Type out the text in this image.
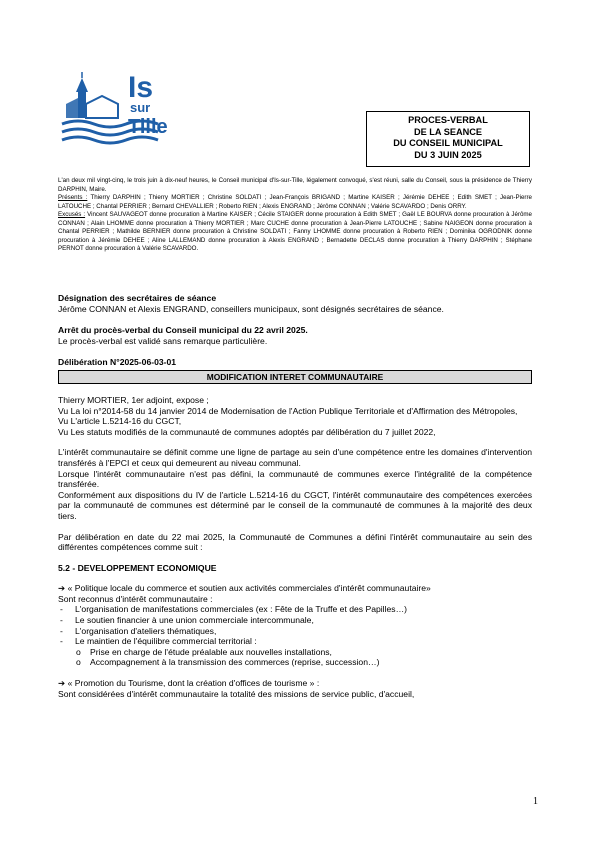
Is
sur
Tille	PROCES-VERBAL
DE LA SEANCE
DU CONSEIL MUNICIPAL
DU 3 JUIN 2025

L'an deux mil vingt-cinq, le trois juin à dix-neuf heures, le Conseil municipal d'Is-sur-Tille, légalement convoqué, s'est réuni, salle du Conseil, sous la présidence de Thierry DARPHIN, Maire.

Présents : Thierry DARPHIN ; Thierry MORTIER ; Christine SOLDATI ; Jean-François BRIGAND ; Martine KAISER ; Jérémie DEHEE ; Edith SMET ; Jean-Pierre LATOUCHE ; Chantal PERRIER ; Bernard CHEVALLIER ; Roberto RIEN ; Alexis ENGRAND ; Jérôme CONNAN ; Valérie SCAVARDO ; Denis ORRY.

Excusés : Vincent SAUVAGEOT donne procuration à Martine KAISER ; Cécile STAIGER donne procuration à Edith SMET ; Gaël LE BOURVA donne procuration à Jérôme CONNAN ; Alain LHOMME donne procuration à Thierry MORTIER ; Marc CUCHE donne procuration à Jean-Pierre LATOUCHE ; Sabine NAIGEON donne procuration à Chantal PERRIER ; Mathilde BERNIER donne procuration à Christine SOLDATI ; Fanny LHOMME donne procuration à Roberto RIEN ; Dominika OGRODNIK donne procuration à Jérémie DEHEE ; Aline LALLEMAND donne procuration à Alexis ENGRAND ; Bernadette DECLAS donne procuration à Thierry DARPHIN ; Stéphane PERNOT donne procuration à Valérie SCAVARDO.

Désignation des secrétaires de séance

Jérôme CONNAN et Alexis ENGRAND, conseillers municipaux, sont désignés secrétaires de séance.

Arrêt du procès-verbal du Conseil municipal du 22 avril 2025.

Le procès-verbal est validé sans remarque particulière.

Délibération N°2025-06-03-01

MODIFICATION INTERET COMMUNAUTAIRE

Thierry MORTIER, 1er adjoint, expose ;

Vu La loi n°2014-58 du 14 janvier 2014 de Modernisation de l'Action Publique Territoriale et d'Affirmation des Métropoles,

Vu L'article L.5214-16 du CGCT,

Vu Les statuts modifiés de la communauté de communes adoptés par délibération du 7 juillet 2022,

L'intérêt communautaire se définit comme une ligne de partage au sein d'une compétence entre les domaines d'intervention transférés à l'EPCI et ceux qui demeurent au niveau communal.

Lorsque l'intérêt communautaire n'est pas défini, la communauté de communes exerce l'intégralité de la compétence transférée.

Conformément aux dispositions du IV de l'article L.5214-16 du CGCT, l'intérêt communautaire des compétences exercées par la communauté de communes est déterminé par le conseil de la communauté de communes à la majorité des deux tiers.

Par délibération en date du 22 mai 2025, la Communauté de Communes a défini l'intérêt communautaire au sein des différentes compétences comme suit :

5.2 - DEVELOPPEMENT ECONOMIQUE

➔ « Politique locale du commerce et soutien aux activités commerciales d'intérêt communautaire»

Sont reconnus d'intérêt communautaire :

- L'organisation de manifestations commerciales (ex : Fête de la Truffe et des Papilles…)
- Le soutien financier à une union commerciale intercommunale,
- L'organisation d'ateliers thématiques,
- Le maintien de l'équilibre commercial territorial :
o Prise en charge de l'étude préalable aux nouvelles installations,
o Accompagnement à la transmission des commerces (reprise, succession…)

➔ « Promotion du Tourisme, dont la création d'offices de tourisme » :

Sont considérées d'intérêt communautaire la totalité des missions de service public, d'accueil,

1
